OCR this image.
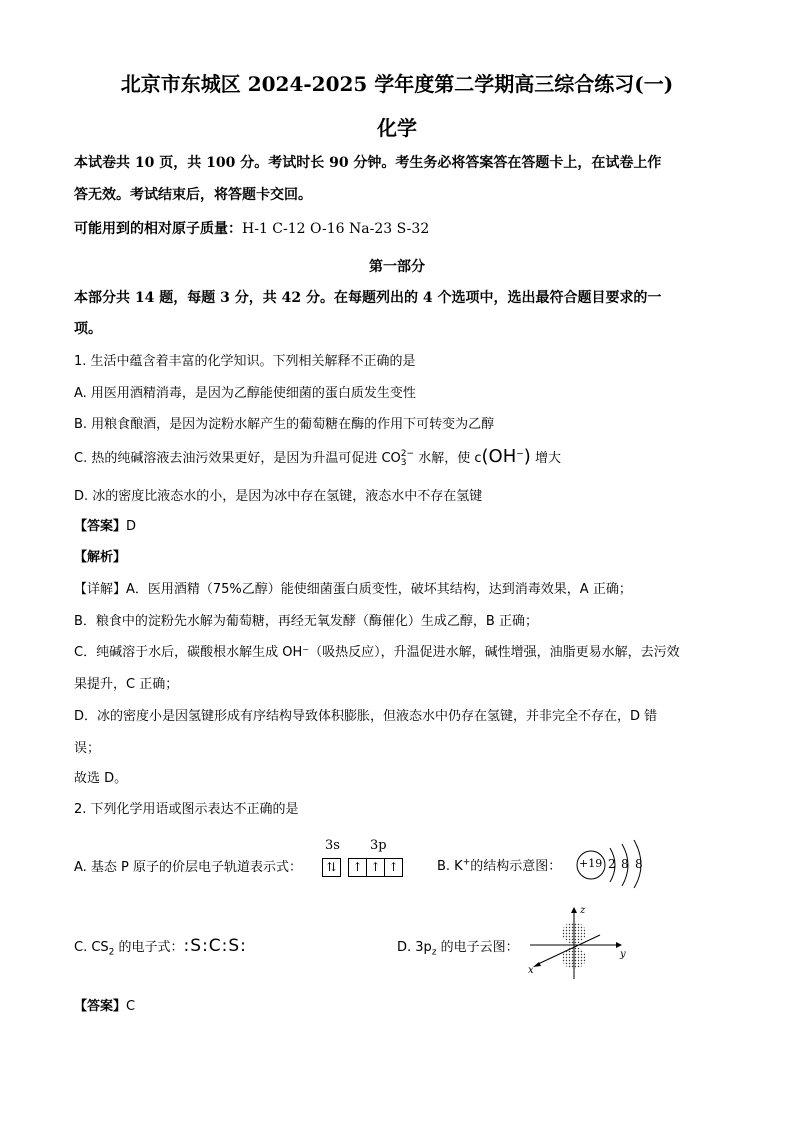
北京市东城区 2024-2025 学年度第二学期高三综合练习(一)
化学
本试卷共 10 页，共 100 分。考试时长 90 分钟。考生务必将答案答在答题卡上，在试卷上作
答无效。考试结束后，将答题卡交回。
可能用到的相对原子质量：H-1 C-12 O-16 Na-23 S-32
第一部分
本部分共 14 题，每题 3 分，共 42 分。在每题列出的 4 个选项中，选出最符合题目要求的一
项。
1. 生活中蕴含着丰富的化学知识。下列相关解释不正确的是
A. 用医用酒精消毒，是因为乙醇能使细菌的蛋白质发生变性
B. 用粮食酿酒，是因为淀粉水解产生的葡萄糖在酶的作用下可转变为乙醇
C. 热的纯碱溶液去油污效果更好，是因为升温可促进 CO 2−
3 水解，使 c(OH−) 增大
D. 冰的密度比液态水的小，是因为冰中存在氢键，液态水中不存在氢键
【答案】D
【解析】
【详解】A．医用酒精（75%乙醇）能使细菌蛋白质变性，破坏其结构，达到消毒效果，A 正确；
B．粮食中的淀粉先水解为葡萄糖，再经无氧发酵（酶催化）生成乙醇，B 正确；
C．纯碱溶于水后，碳酸根水解生成 OH⁻（吸热反应），升温促进水解，碱性增强，油脂更易水解，去污效
果提升，C 正确；
D．冰的密度小是因氢键形成有序结构导致体积膨胀，但液态水中仍存在氢键，并非完全不存在，D 错
误；
故选 D。
2. 下列化学用语或图示表达不正确的是
A. 基态 P 原子的价层电子轨道表示式：
3s 3p
⇅ ↑ ↑ ↑	B. K+的结构示意图： +19 2 8 8
C. $CS_2$ 的电子式：:S:C:S:	D. $3p_z$ 的电子云图：
z
y
x
【答案】C
